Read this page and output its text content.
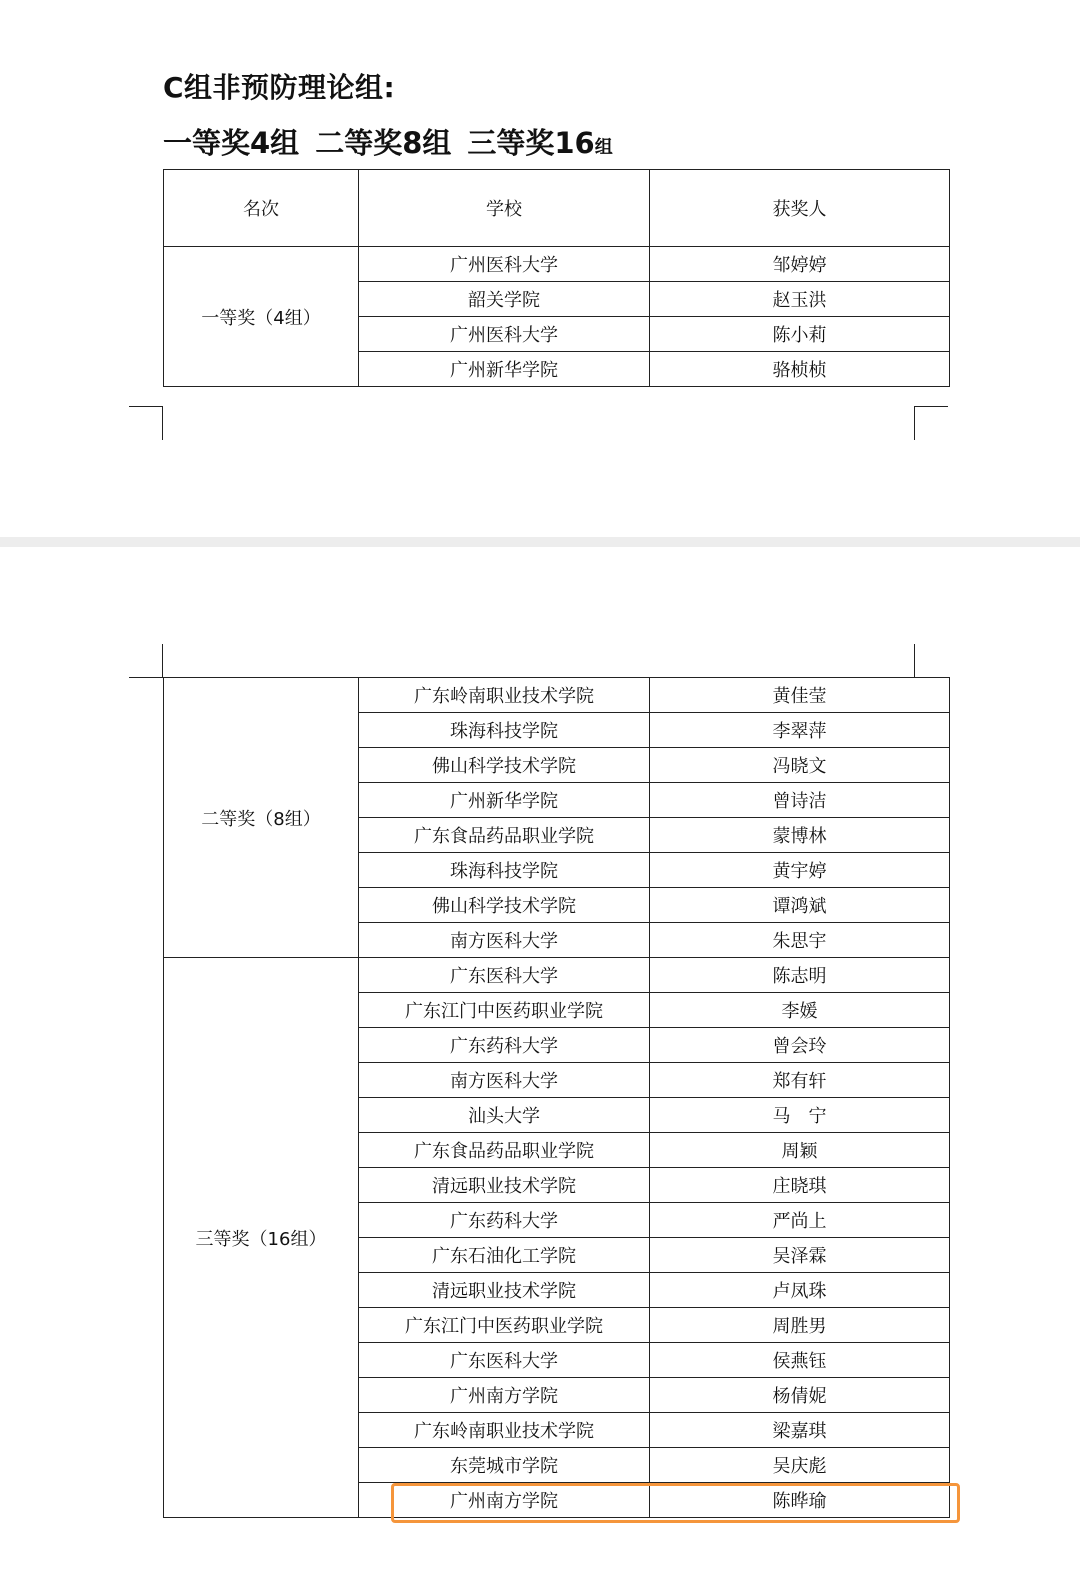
C组非预防理论组:
一等奖4组 二等奖8组 三等奖16组
名次	学校	获奖人
一等奖（4组）	广州医科大学	邹婷婷
	韶关学院	赵玉洪
	广州医科大学	陈小莉
	广州新华学院	骆桢桢
二等奖（8组）	广东岭南职业技术学院	黄佳莹
	珠海科技学院	李翠萍
	佛山科学技术学院	冯晓文
	广州新华学院	曾诗洁
	广东食品药品职业学院	蒙博林
	珠海科技学院	黄宇婷
	佛山科学技术学院	谭鸿斌
	南方医科大学	朱思宇
三等奖（16组）	广东医科大学	陈志明
	广东江门中医药职业学院	李媛
	广东药科大学	曾会玲
	南方医科大学	郑有轩
	汕头大学	马　宁
	广东食品药品职业学院	周颖
	清远职业技术学院	庄晓琪
	广东药科大学	严尚上
	广东石油化工学院	吴泽霖
	清远职业技术学院	卢凤珠
	广东江门中医药职业学院	周胜男
	广东医科大学	侯燕钰
	广州南方学院	杨倩妮
	广东岭南职业技术学院	梁嘉琪
	东莞城市学院	吴庆彪
	广州南方学院	陈晔瑜
